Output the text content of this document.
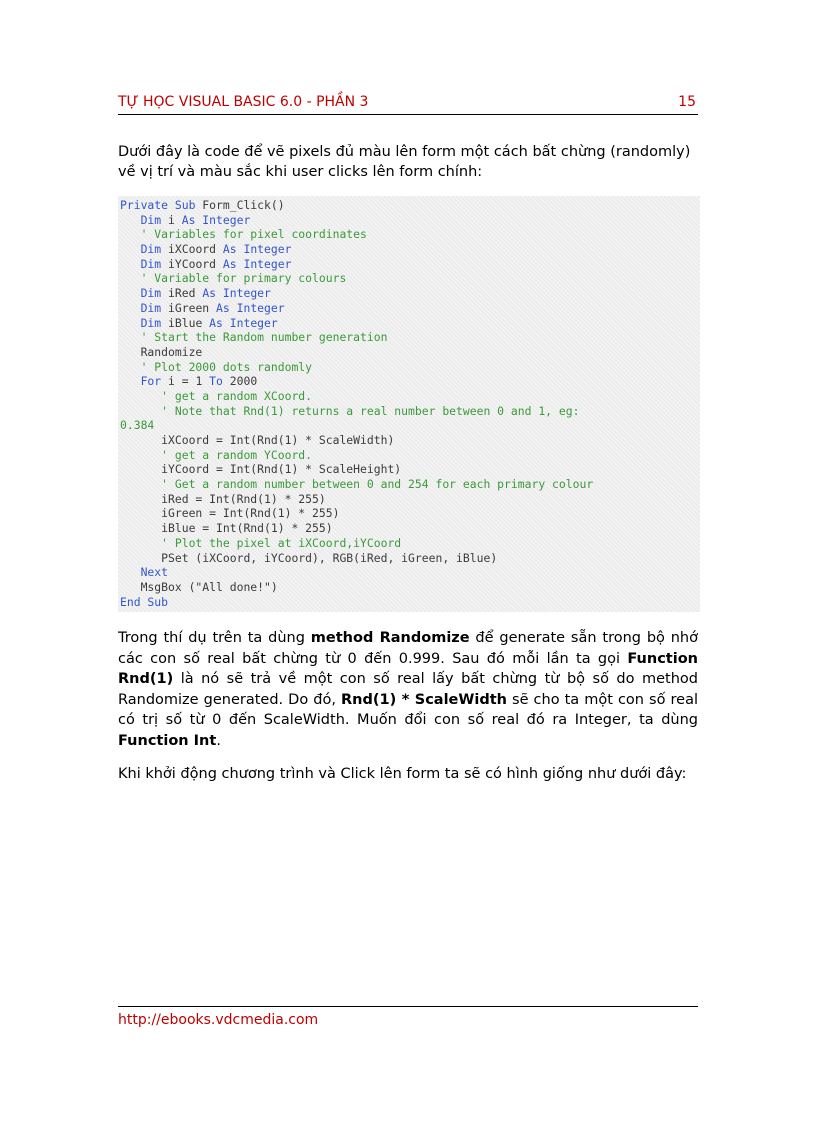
TỰ HỌC VISUAL BASIC 6.0 - PHẦN 3	15

Dưới đây là code để vẽ pixels đủ màu lên form một cách bất chừng (randomly) về vị trí và màu sắc khi user clicks lên form chính:

Private Sub Form_Click()
Dim i As Integer
' Variables for pixel coordinates
Dim iXCoord As Integer
Dim iYCoord As Integer
' Variable for primary colours
Dim iRed As Integer
Dim iGreen As Integer
Dim iBlue As Integer
' Start the Random number generation
Randomize
' Plot 2000 dots randomly
For i = 1 To 2000
' get a random XCoord.
' Note that Rnd(1) returns a real number between 0 and 1, eg:
0.384
iXCoord = Int(Rnd(1) * ScaleWidth)
' get a random YCoord.
iYCoord = Int(Rnd(1) * ScaleHeight)
' Get a random number between 0 and 254 for each primary colour
iRed = Int(Rnd(1) * 255)
iGreen = Int(Rnd(1) * 255)
iBlue = Int(Rnd(1) * 255)
' Plot the pixel at iXCoord,iYCoord
PSet (iXCoord, iYCoord), RGB(iRed, iGreen, iBlue)
Next
MsgBox ("All done!")
End Sub

Trong thí dụ trên ta dùng method Randomize để generate sẵn trong bộ nhớ các con số real bất chừng từ 0 đến 0.999. Sau đó mỗi lần ta gọi Function Rnd(1) là nó sẽ trả về một con số real lấy bất chừng từ bộ số do method Randomize generated. Do đó, Rnd(1) * ScaleWidth sẽ cho ta một con số real có trị số từ 0 đến ScaleWidth. Muốn đổi con số real đó ra Integer, ta dùng Function Int.

Khi khởi động chương trình và Click lên form ta sẽ có hình giống như dưới đây:

http://ebooks.vdcmedia.com
